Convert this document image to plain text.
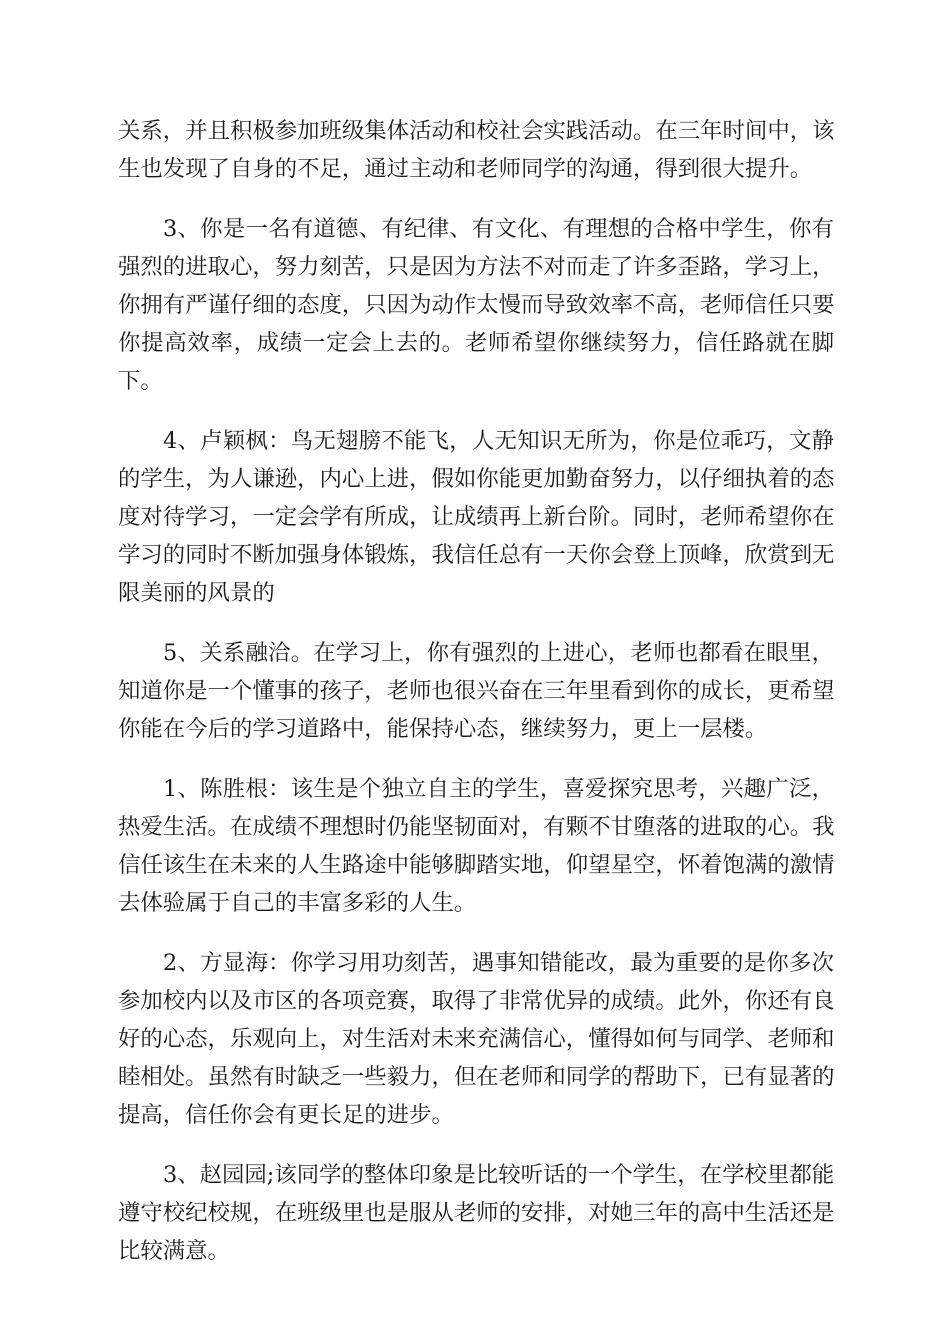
关系，并且积极参加班级集体活动和校社会实践活动。在三年时间中，该
生也发现了自身的不足，通过主动和老师同学的沟通，得到很大提升。
3、你是一名有道德、有纪律、有文化、有理想的合格中学生，你有
强烈的进取心，努力刻苦，只是因为方法不对而走了许多歪路，学习上，
你拥有严谨仔细的态度，只因为动作太慢而导致效率不高，老师信任只要
你提高效率，成绩一定会上去的。老师希望你继续努力，信任路就在脚
下。
4、卢颖枫：鸟无翅膀不能飞，人无知识无所为，你是位乖巧，文静
的学生，为人谦逊，内心上进，假如你能更加勤奋努力，以仔细执着的态
度对待学习，一定会学有所成，让成绩再上新台阶。同时，老师希望你在
学习的同时不断加强身体锻炼，我信任总有一天你会登上顶峰，欣赏到无
限美丽的风景的
5、关系融洽。在学习上，你有强烈的上进心，老师也都看在眼里，
知道你是一个懂事的孩子，老师也很兴奋在三年里看到你的成长，更希望
你能在今后的学习道路中，能保持心态，继续努力，更上一层楼。
1、陈胜根：该生是个独立自主的学生，喜爱探究思考，兴趣广泛，
热爱生活。在成绩不理想时仍能坚韧面对，有颗不甘堕落的进取的心。我
信任该生在未来的人生路途中能够脚踏实地，仰望星空，怀着饱满的激情
去体验属于自己的丰富多彩的人生。
2、方显海：你学习用功刻苦，遇事知错能改，最为重要的是你多次
参加校内以及市区的各项竞赛，取得了非常优异的成绩。此外，你还有良
好的心态，乐观向上，对生活对未来充满信心，懂得如何与同学、老师和
睦相处。虽然有时缺乏一些毅力，但在老师和同学的帮助下，已有显著的
提高，信任你会有更长足的进步。
3、赵园园;该同学的整体印象是比较听话的一个学生，在学校里都能
遵守校纪校规，在班级里也是服从老师的安排，对她三年的高中生活还是
比较满意。
